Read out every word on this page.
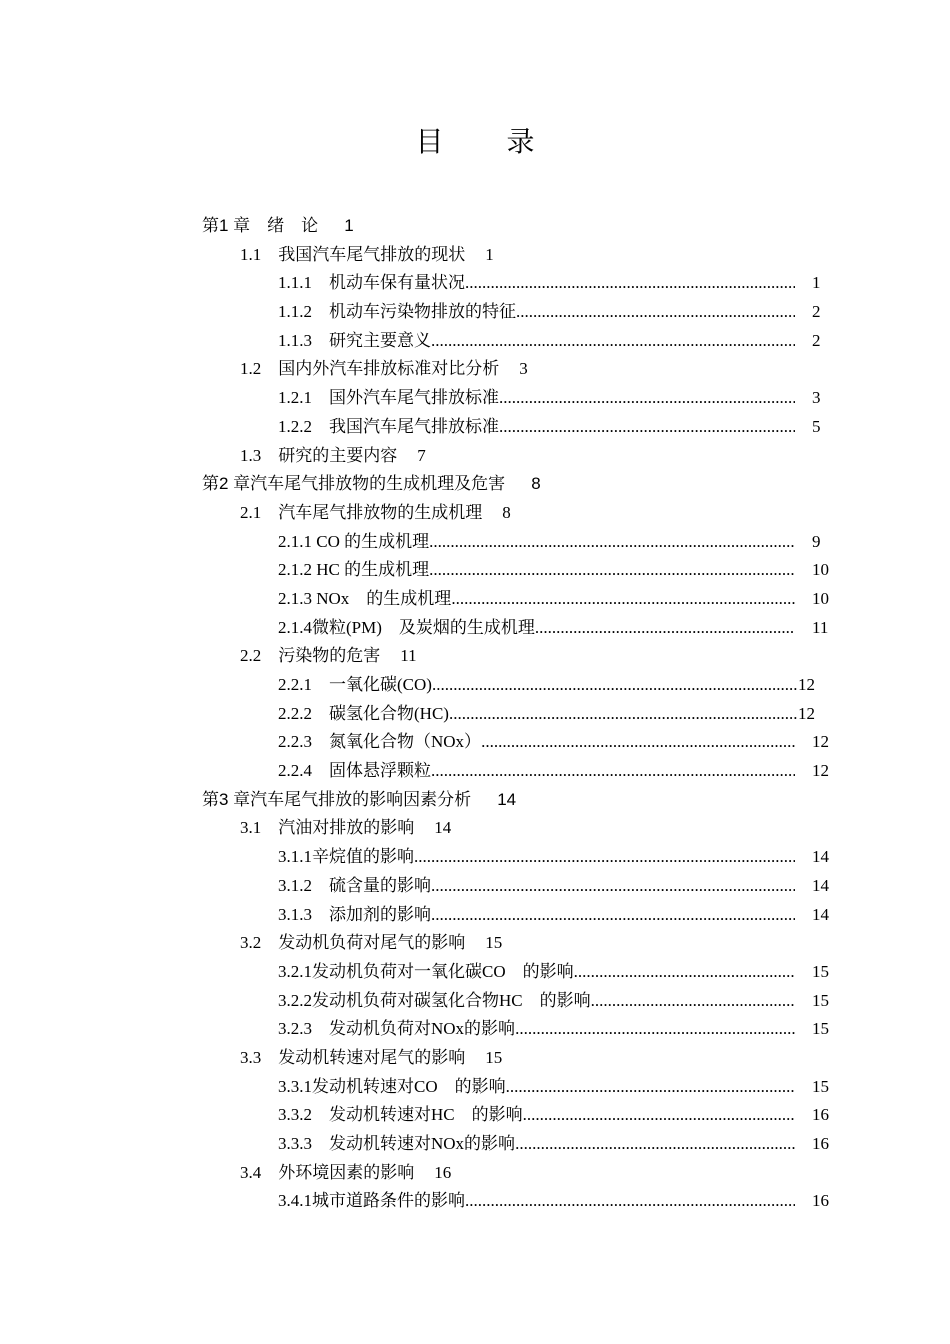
目 录
第1 章　绪　论 1
1.1　我国汽车尾气排放的现状 1
1.1.1　机动车保有量状况 .....	1
1.1.2　机动车污染物排放的特征 .....	2
1.1.3　研究主要意义 .....	2
1.2　国内外汽车排放标准对比分析 3
1.2.1　国外汽车尾气排放标准 .....	3
1.2.2　我国汽车尾气排放标准 .....	5
1.3　研究的主要内容 7
第2 章汽车尾气排放物的生成机理及危害 8
2.1　汽车尾气排放物的生成机理 8
2.1.1 CO 的生成机理 .....	9
2.1.2 HC 的生成机理 .....	10
2.1.3 NOx　的生成机理 .....	10
2.1.4微粒(PM)　及炭烟的生成机理 .....	11
2.2　污染物的危害 11
2.2.1　一氧化碳(CO) .....	12
2.2.2　碳氢化合物(HC) .....	12
2.2.3　氮氧化合物（NOx） .....	12
2.2.4　固体悬浮颗粒 .....	12
第3 章汽车尾气排放的影响因素分析 14
3.1　汽油对排放的影响 14
3.1.1辛烷值的影响 .....	14
3.1.2　硫含量的影响 .....	14
3.1.3　添加剂的影响 .....	14
3.2　发动机负荷对尾气的影响 15
3.2.1发动机负荷对一氧化碳CO　的影响 .....	15
3.2.2发动机负荷对碳氢化合物HC　的影响 .....	15
3.2.3　发动机负荷对NOx的影响 .....	15
3.3　发动机转速对尾气的影响 15
3.3.1发动机转速对CO　的影响 .....	15
3.3.2　发动机转速对HC　的影响 .....	16
3.3.3　发动机转速对NOx的影响 .....	16
3.4　外环境因素的影响 16
3.4.1城市道路条件的影响 .....	16
